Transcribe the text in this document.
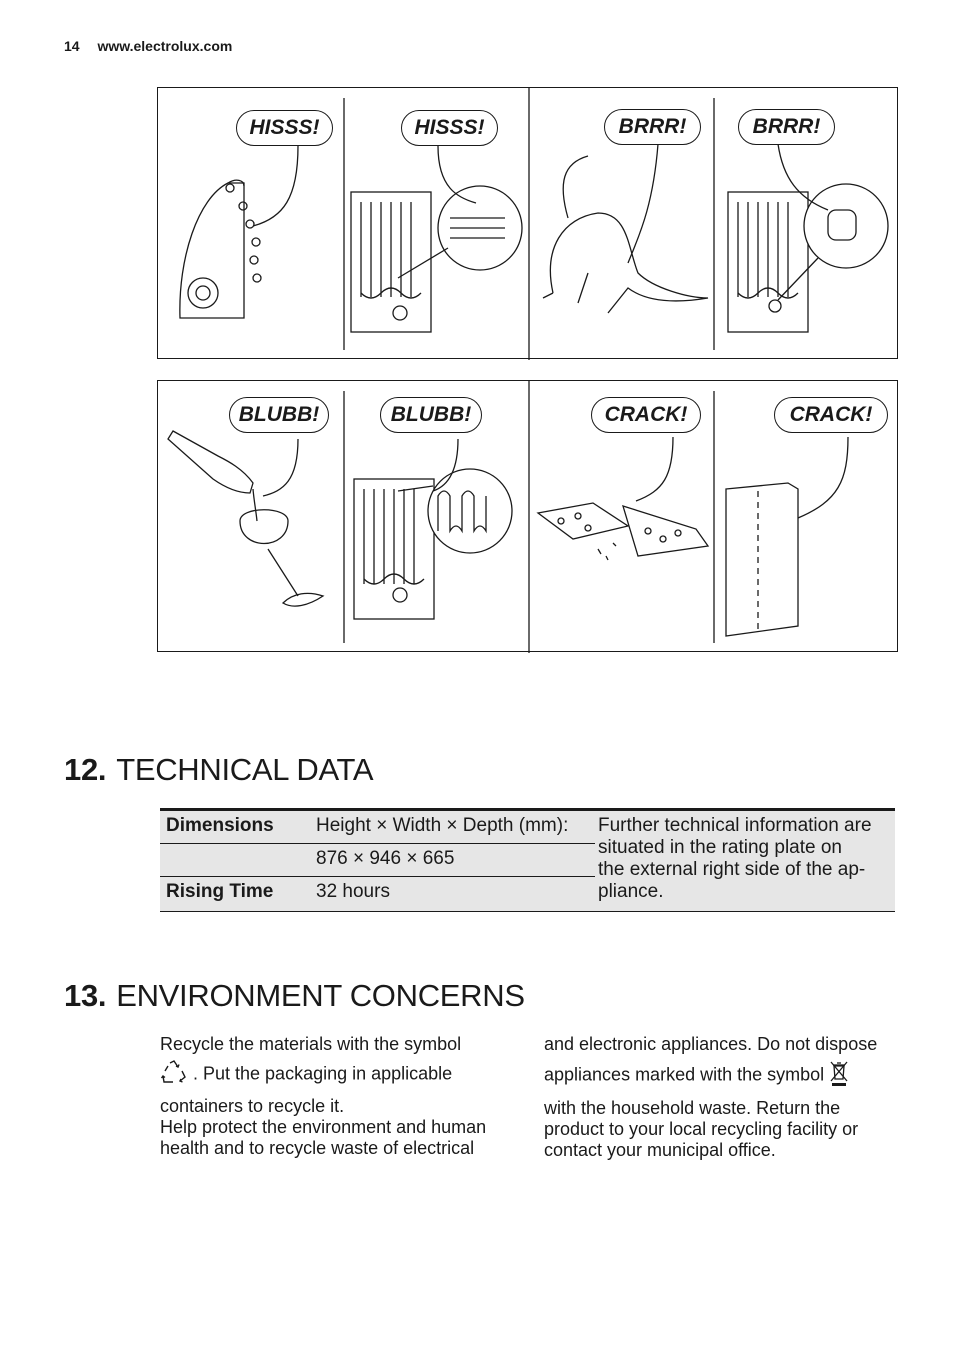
14 www.electrolux.com
HISSS!	HISSS!	BRRR!	BRRR!
BLUBB!	BLUBB!	CRACK!	CRACK!
12. TECHNICAL DATA
Dimensions Height × Width × Depth (mm):
876 × 946 × 665
Rising Time 32 hours
Further technical information are
situated in the rating plate on
the external right side of the ap-
pliance.
13. ENVIRONMENT CONCERNS

Recycle the materials with the symbol

. Put the packaging in applicable

containers to recycle it.

Help protect the environment and human

health and to recycle waste of electrical

and electronic appliances. Do not dispose

appliances marked with the symbol

with the household waste. Return the

product to your local recycling facility or

contact your municipal office.
